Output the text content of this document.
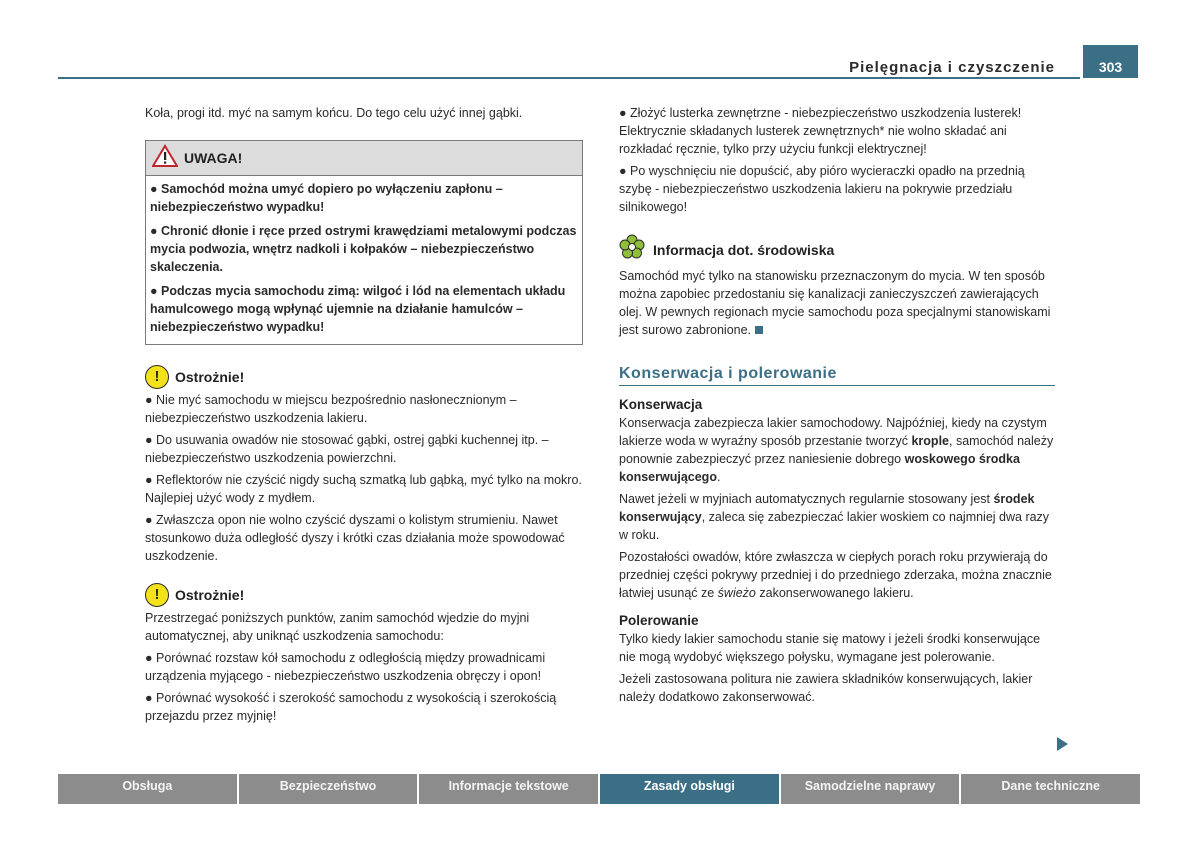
Pielęgnacja i czyszczenie	303

Koła, progi itd. myć na samym końcu. Do tego celu użyć innej gąbki.

UWAGA!

● Samochód można umyć dopiero po wyłączeniu zapłonu – niebezpieczeństwo wypadku!

● Chronić dłonie i ręce przed ostrymi krawędziami metalowymi podczas mycia podwozia, wnętrz nadkoli i kołpaków – niebezpieczeństwo skaleczenia.

● Podczas mycia samochodu zimą: wilgoć i lód na elementach układu hamulcowego mogą wpłynąć ujemnie na działanie hamulców – niebezpieczeństwo wypadku!

!	Ostrożnie!

● Nie myć samochodu w miejscu bezpośrednio nasłonecznionym – niebezpieczeństwo uszkodzenia lakieru.

● Do usuwania owadów nie stosować gąbki, ostrej gąbki kuchennej itp. – niebezpieczeństwo uszkodzenia powierzchni.

● Reflektorów nie czyścić nigdy suchą szmatką lub gąbką, myć tylko na mokro. Najlepiej użyć wody z mydłem.

● Zwłaszcza opon nie wolno czyścić dyszami o kolistym strumieniu. Nawet stosunkowo duża odległość dyszy i krótki czas działania może spowodować uszkodzenie.

!	Ostrożnie!

Przestrzegać poniższych punktów, zanim samochód wjedzie do myjni automatycznej, aby uniknąć uszkodzenia samochodu:

● Porównać rozstaw kół samochodu z odległością między prowadnicami urządzenia myjącego - niebezpieczeństwo uszkodzenia obręczy i opon!

● Porównać wysokość i szerokość samochodu z wysokością i szerokością przejazdu przez myjnię!

● Złożyć lusterka zewnętrzne - niebezpieczeństwo uszkodzenia lusterek! Elektrycznie składanych lusterek zewnętrznych* nie wolno składać ani rozkładać ręcznie, tylko przy użyciu funkcji elektrycznej!

● Po wyschnięciu nie dopuścić, aby pióro wycieraczki opadło na przednią szybę - niebezpieczeństwo uszkodzenia lakieru na pokrywie przedziału silnikowego!

Informacja dot. środowiska

Samochód myć tylko na stanowisku przeznaczonym do mycia. W ten sposób można zapobiec przedostaniu się kanalizacji zanieczyszczeń zawierających olej. W pewnych regionach mycie samochodu poza specjalnymi stanowiskami jest surowo zabronione.

Konserwacja i polerowanie
Konserwacja

Konserwacja zabezpiecza lakier samochodowy. Najpóźniej, kiedy na czystym lakierze woda w wyraźny sposób przestanie tworzyć krople, samochód należy ponownie zabezpieczyć przez naniesienie dobrego woskowego środka konserwującego.

Nawet jeżeli w myjniach automatycznych regularnie stosowany jest środek konserwujący, zaleca się zabezpieczać lakier woskiem co najmniej dwa razy w roku.

Pozostałości owadów, które zwłaszcza w ciepłych porach roku przywierają do przedniej części pokrywy przedniej i do przedniego zderzaka, można znacznie łatwiej usunąć ze świeżo zakonserwowanego lakieru.

Polerowanie

Tylko kiedy lakier samochodu stanie się matowy i jeżeli środki konserwujące nie mogą wydobyć większego połysku, wymagane jest polerowanie.

Jeżeli zastosowana politura nie zawiera składników konserwujących, lakier należy dodatkowo zakonserwować.

Obsługa	Bezpieczeństwo	Informacje tekstowe	Zasady obsługi	Samodzielne naprawy	Dane techniczne
